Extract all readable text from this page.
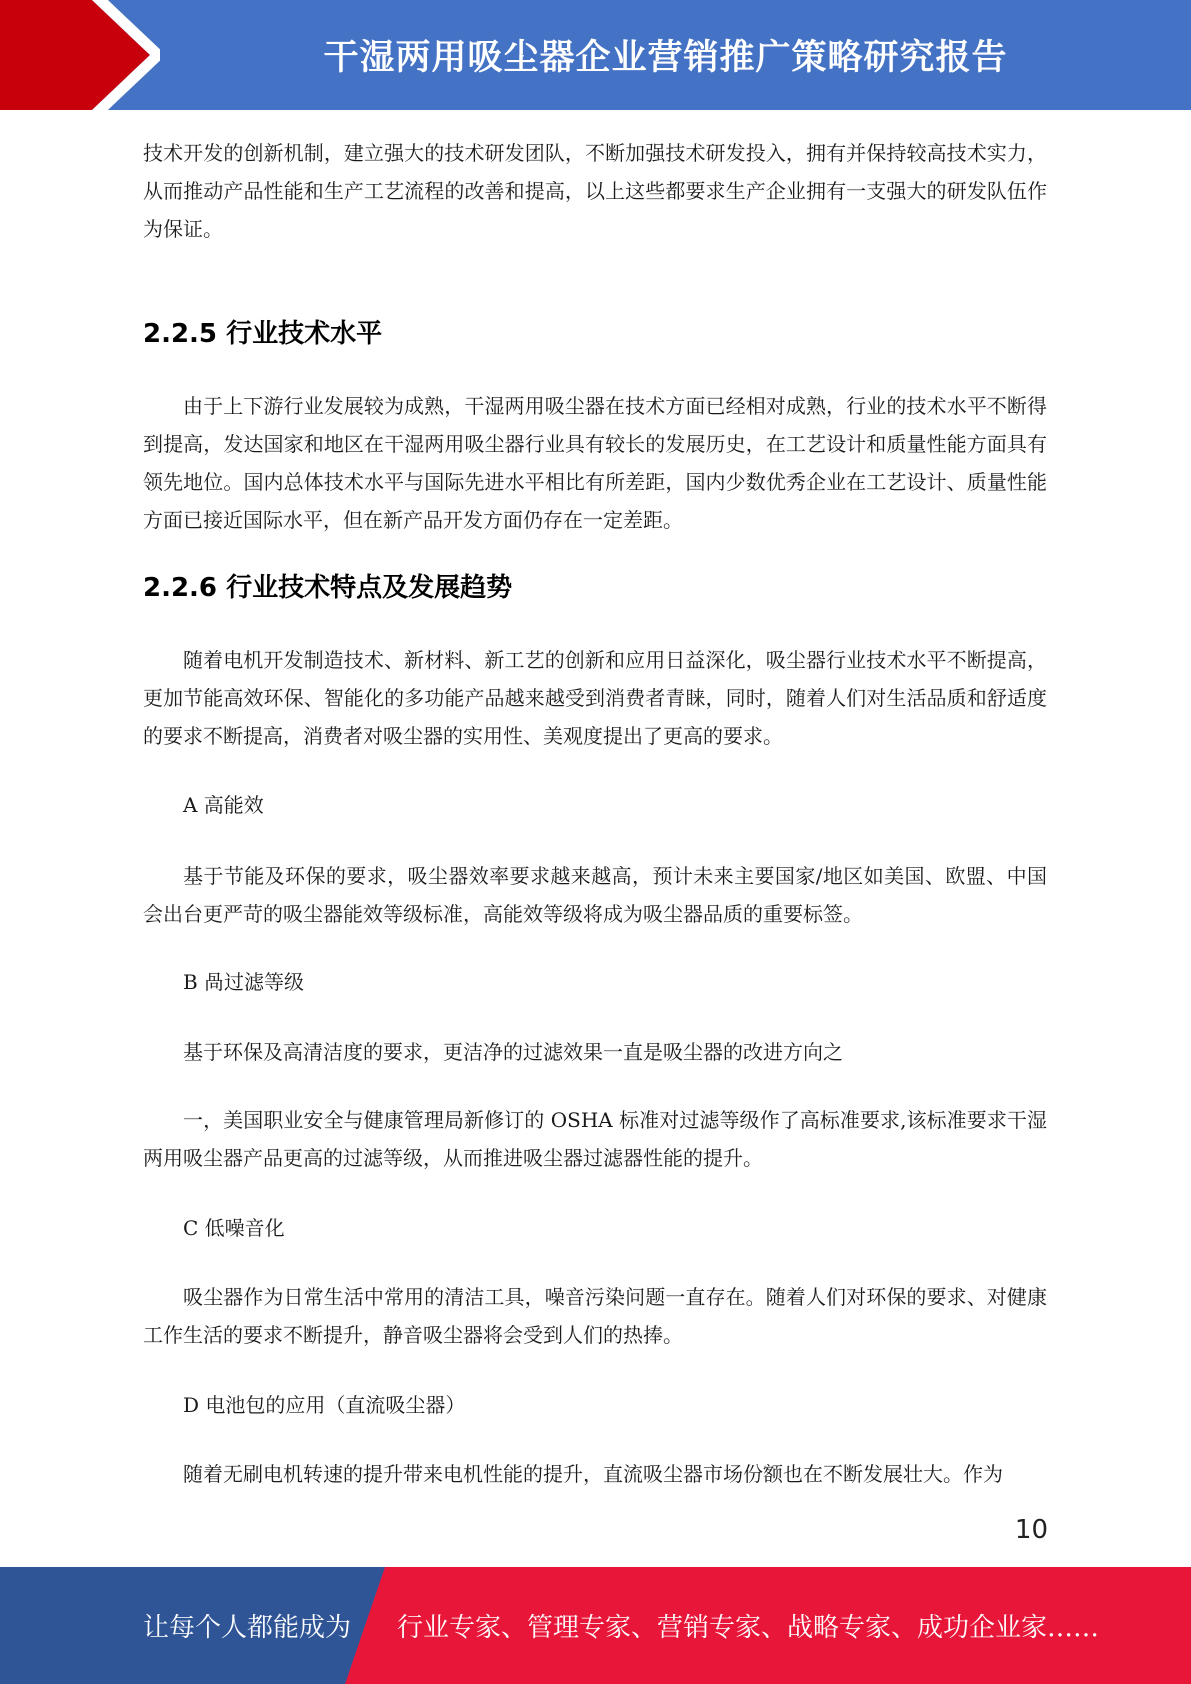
干湿两用吸尘器企业营销推广策略研究报告

技术开发的创新机制，建立强大的技术研发团队，不断加强技术研发投入，拥有并保持较高技术实力，从而推动产品性能和生产工艺流程的改善和提高，以上这些都要求生产企业拥有一支强大的研发队伍作为保证。

2.2.5 行业技术水平

由于上下游行业发展较为成熟，干湿两用吸尘器在技术方面已经相对成熟，行业的技术水平不断得到提高，发达国家和地区在干湿两用吸尘器行业具有较长的发展历史，在工艺设计和质量性能方面具有领先地位。国内总体技术水平与国际先进水平相比有所差距，国内少数优秀企业在工艺设计、质量性能方面已接近国际水平，但在新产品开发方面仍存在一定差距。

2.2.6 行业技术特点及发展趋势

随着电机开发制造技术、新材料、新工艺的创新和应用日益深化，吸尘器行业技术水平不断提高，更加节能高效环保、智能化的多功能产品越来越受到消费者青睐，同时，随着人们对生活品质和舒适度的要求不断提高，消费者对吸尘器的实用性、美观度提出了更高的要求。

A 高能效

基于节能及环保的要求，吸尘器效率要求越来越高，预计未来主要国家/地区如美国、欧盟、中国会出台更严苛的吸尘器能效等级标准，高能效等级将成为吸尘器品质的重要标签。

B 咼过滤等级

基于环保及高清洁度的要求，更洁净的过滤效果一直是吸尘器的改进方向之

一，美国职业安全与健康管理局新修订的 OSHA 标准对过滤等级作了高标准要求,该标准要求干湿两用吸尘器产品更高的过滤等级，从而推进吸尘器过滤器性能的提升。

C 低噪音化

吸尘器作为日常生活中常用的清洁工具，噪音污染问题一直存在。随着人们对环保的要求、对健康工作生活的要求不断提升，静音吸尘器将会受到人们的热捧。

D 电池包的应用（直流吸尘器）

随着无刷电机转速的提升带来电机性能的提升，直流吸尘器市场份额也在不断发展壮大。作为

10
让每个人都能成为 行业专家、管理专家、营销专家、战略专家、成功企业家……
